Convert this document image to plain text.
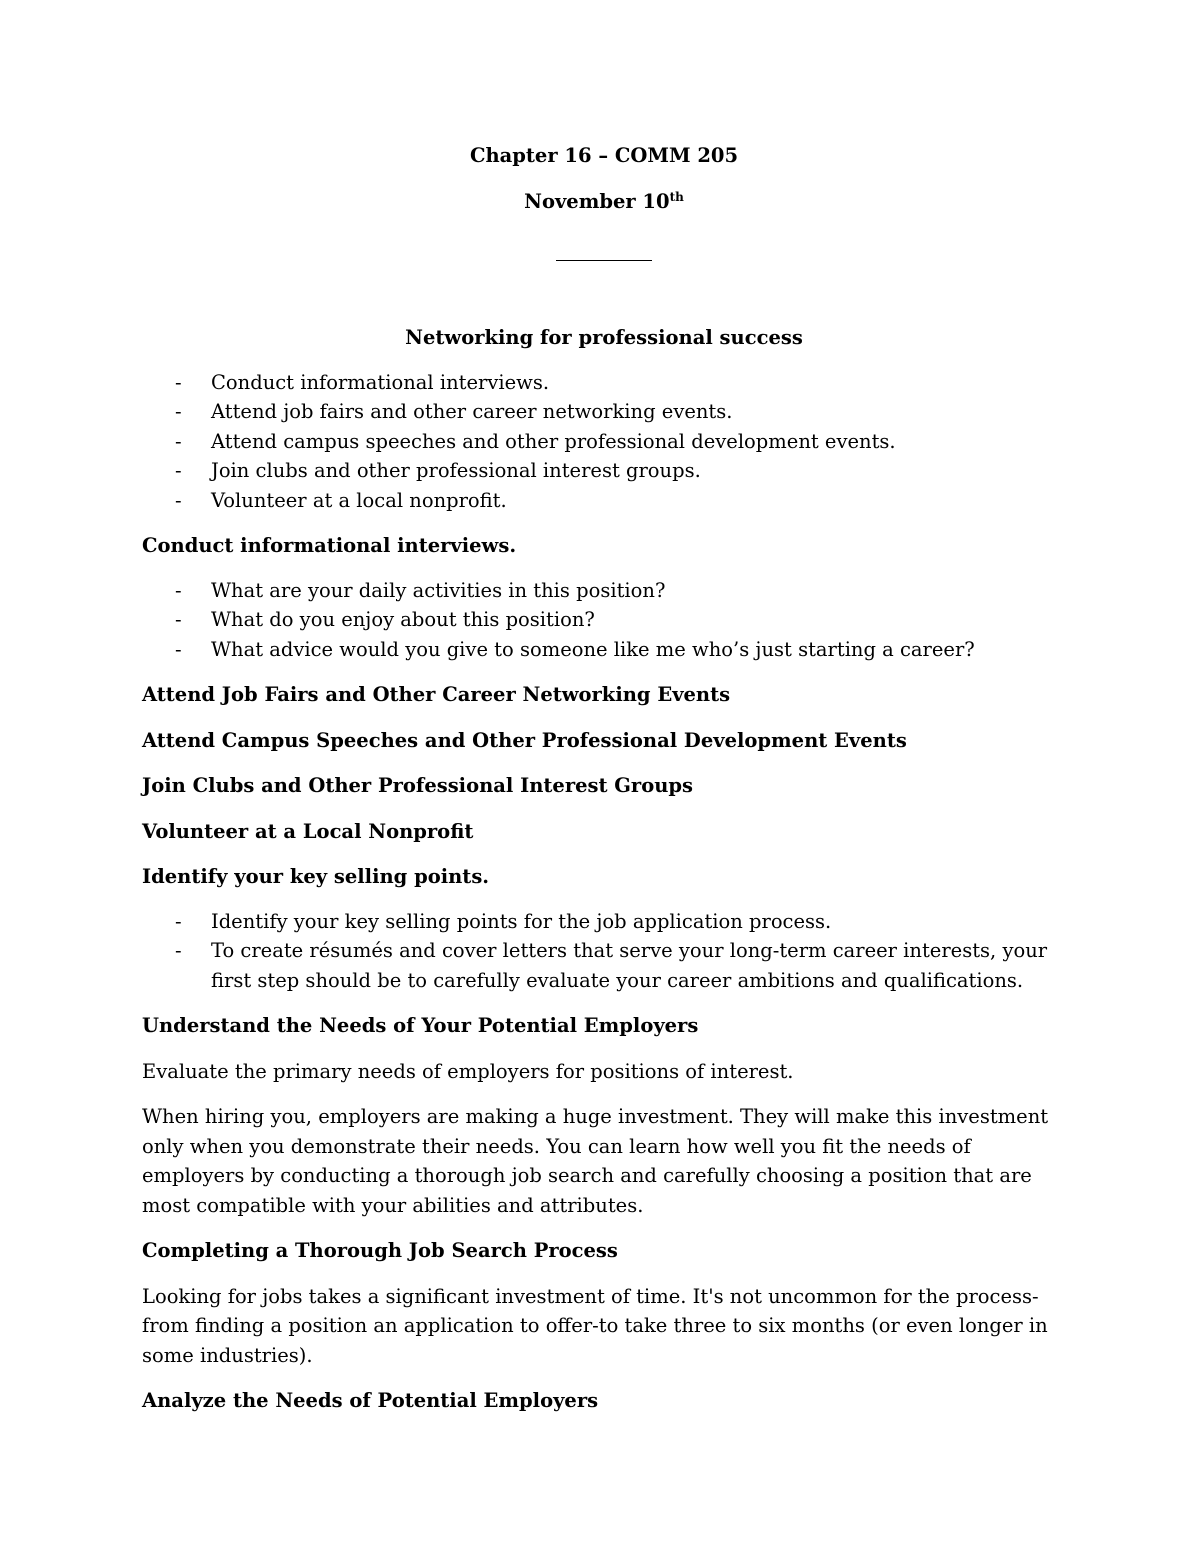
Chapter 16 – COMM 205

November 10th

Networking for professional success

- Conduct informational interviews.
- Attend job fairs and other career networking events.
- Attend campus speeches and other professional development events.
- Join clubs and other professional interest groups.
- Volunteer at a local nonprofit.

Conduct informational interviews.

- What are your daily activities in this position?
- What do you enjoy about this position?
- What advice would you give to someone like me who’s just starting a career?

Attend Job Fairs and Other Career Networking Events

Attend Campus Speeches and Other Professional Development Events

Join Clubs and Other Professional Interest Groups

Volunteer at a Local Nonprofit

Identify your key selling points.

- Identify your key selling points for the job application process.
- To create résumés and cover letters that serve your long-term career interests, your first step should be to carefully evaluate your career ambitions and qualifications.

Understand the Needs of Your Potential Employers

Evaluate the primary needs of employers for positions of interest.

When hiring you, employers are making a huge investment. They will make this investment only when you demonstrate their needs. You can learn how well you fit the needs of employers by conducting a thorough job search and carefully choosing a position that are most compatible with your abilities and attributes.

Completing a Thorough Job Search Process

Looking for jobs takes a significant investment of time. It's not uncommon for the process-from finding a position an application to offer-to take three to six months (or even longer in some industries).

Analyze the Needs of Potential Employers
